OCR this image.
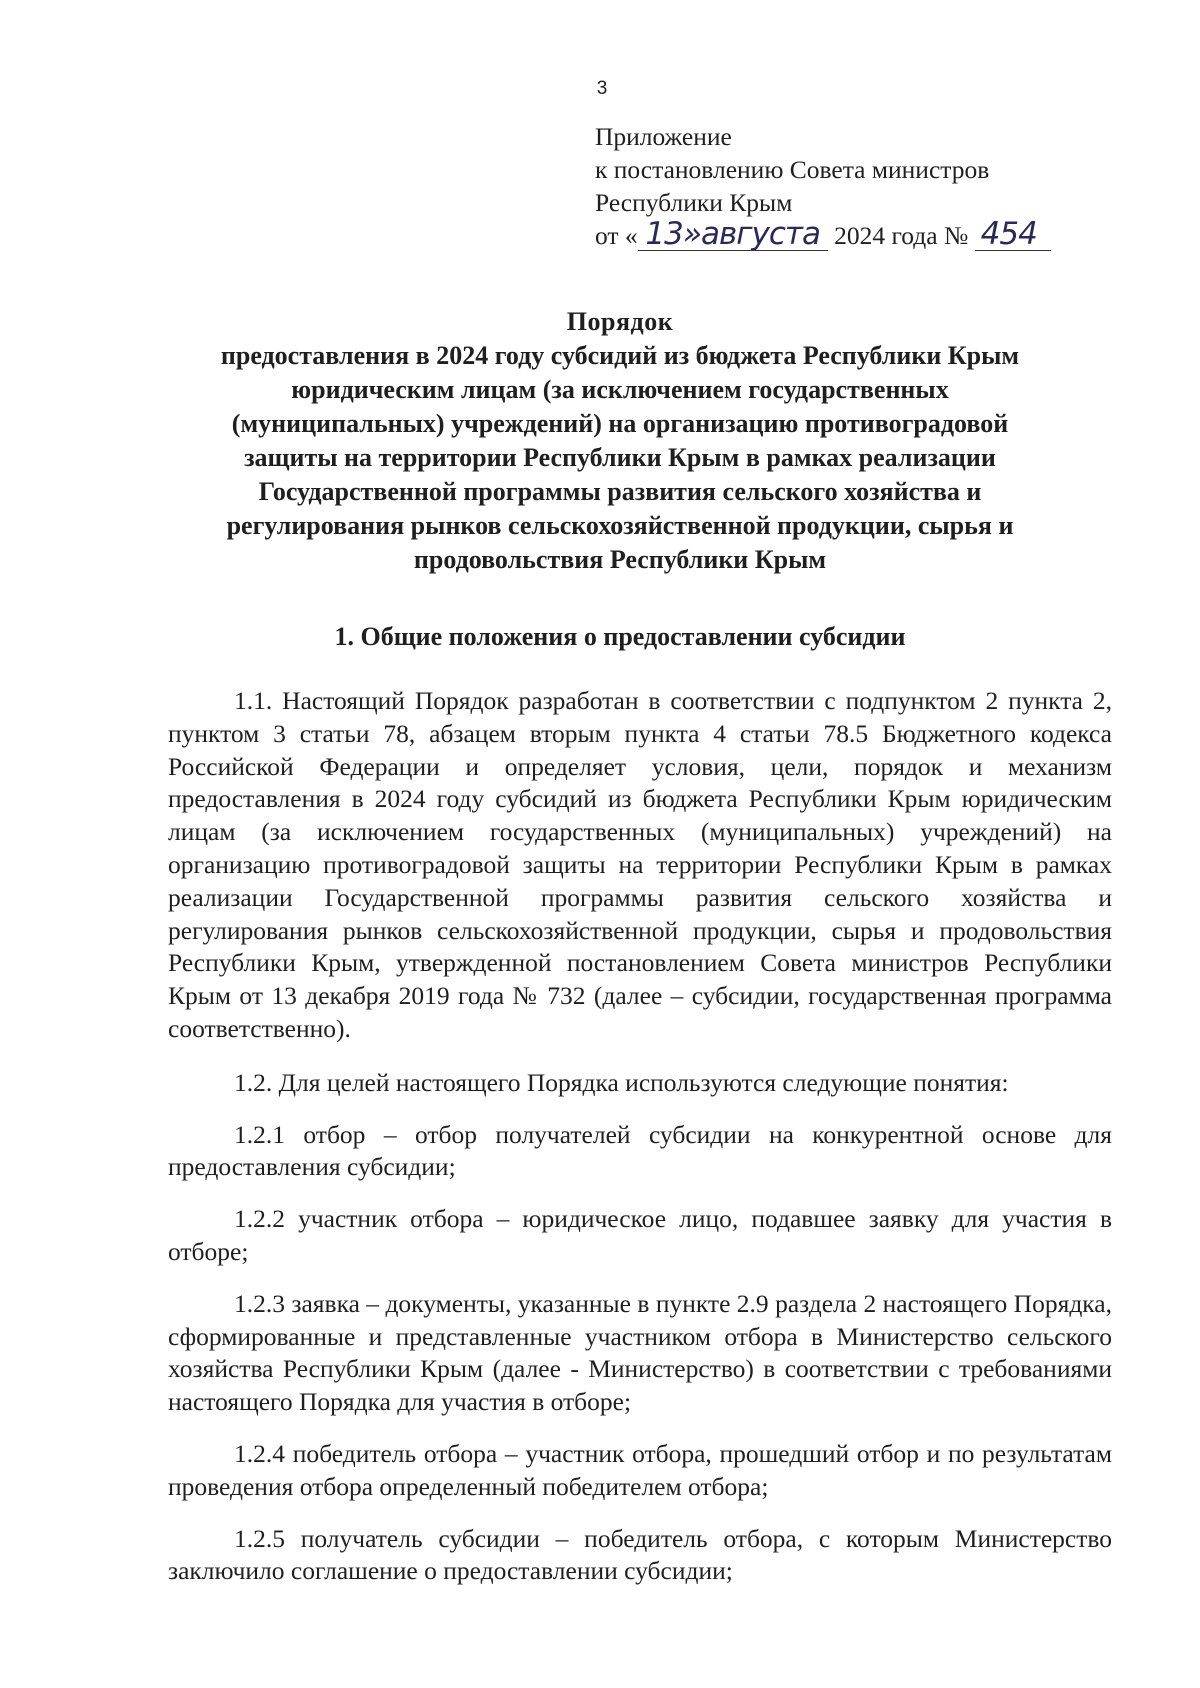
3
Приложение
к постановлению Совета министров
Республики Крым
от « 13»августа 2024 года № 454
Порядок
предоставления в 2024 году субсидий из бюджета Республики Крым
юридическим лицам (за исключением государственных
(муниципальных) учреждений) на организацию противоградовой
защиты на территории Республики Крым в рамках реализации
Государственной программы развития сельского хозяйства и
регулирования рынков сельскохозяйственной продукции, сырья и
продовольствия Республики Крым
1. Общие положения о предоставлении субсидии

1.1. Настоящий Порядок разработан в соответствии с подпунктом 2 пункта 2, пунктом 3 статьи 78, абзацем вторым пункта 4 статьи 78.5 Бюджетного кодекса Российской Федерации и определяет условия, цели, порядок и механизм предоставления в 2024 году субсидий из бюджета Республики Крым юридическим лицам (за исключением государственных (муниципальных) учреждений) на организацию противоградовой защиты на территории Республики Крым в рамках реализации Государственной программы развития сельского хозяйства и регулирования рынков сельскохозяйственной продукции, сырья и продовольствия Республики Крым, утвержденной постановлением Совета министров Республики Крым от 13 декабря 2019 года № 732 (далее – субсидии, государственная программа соответственно).

1.2. Для целей настоящего Порядка используются следующие понятия:

1.2.1 отбор – отбор получателей субсидии на конкурентной основе для предоставления субсидии;

1.2.2 участник отбора – юридическое лицо, подавшее заявку для участия в отборе;

1.2.3 заявка – документы, указанные в пункте 2.9 раздела 2 настоящего Порядка, сформированные и представленные участником отбора в Министерство сельского хозяйства Республики Крым (далее - Министерство) в соответствии с требованиями настоящего Порядка для участия в отборе;

1.2.4 победитель отбора – участник отбора, прошедший отбор и по результатам проведения отбора определенный победителем отбора;

1.2.5 получатель субсидии – победитель отбора, с которым Министерство заключило соглашение о предоставлении субсидии;
